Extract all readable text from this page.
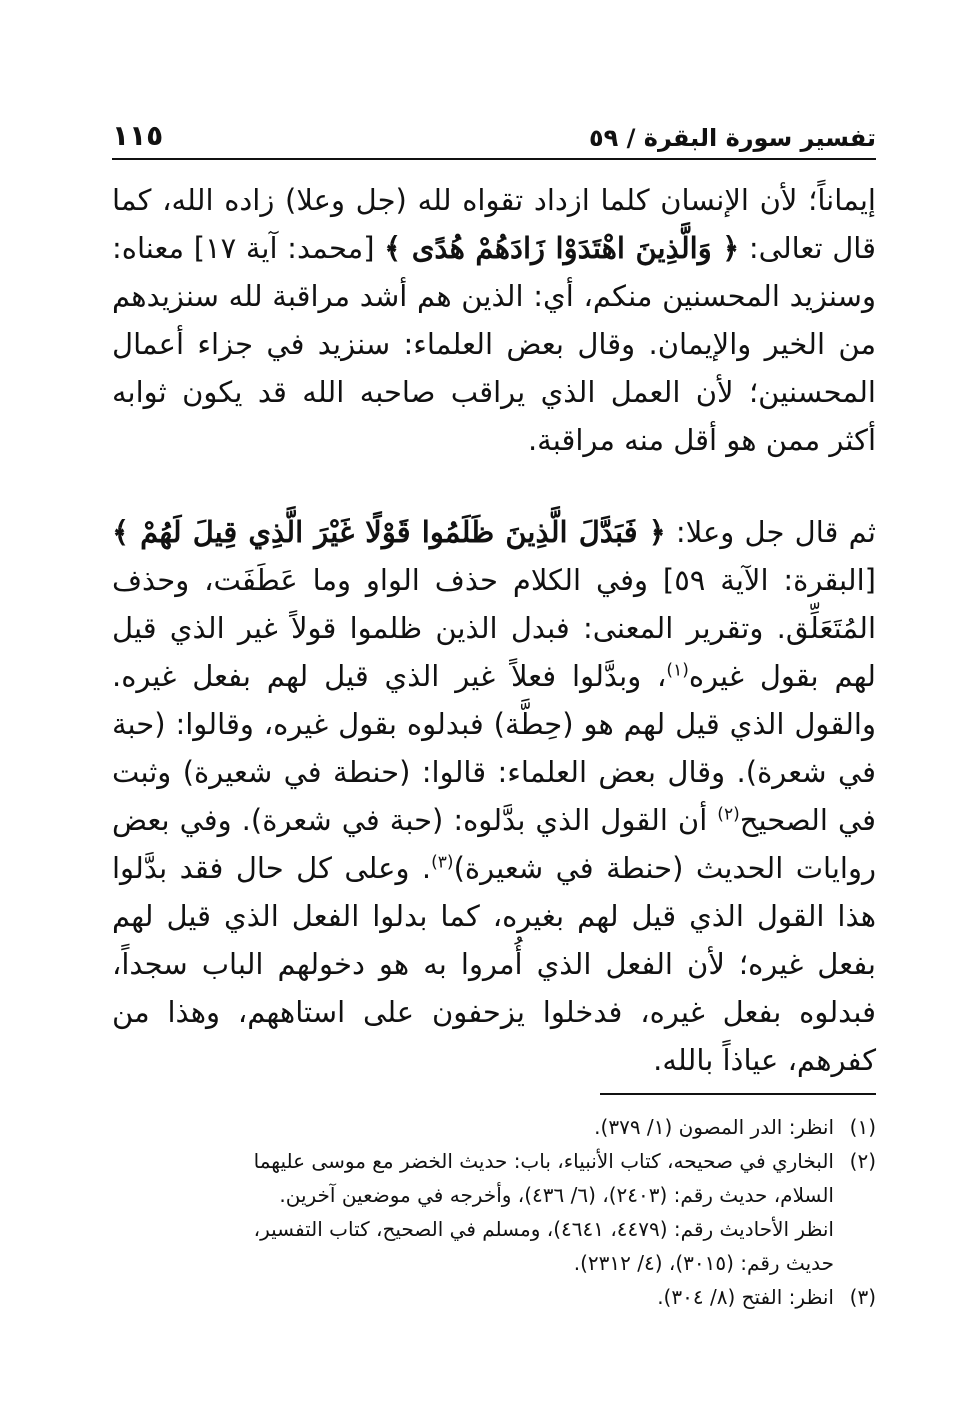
تفسير سورة البقرة / ٥٩
١١٥

إيماناً؛ لأن الإنسان كلما ازداد تقواه لله (جل وعلا) زاده الله، كما قال تعالى: ﴿ وَالَّذِينَ اهْتَدَوْا زَادَهُمْ هُدًى ﴾ [محمد: آية ١٧] معناه: وسنزيد المحسنين منكم، أي: الذين هم أشد مراقبة لله سنزيدهم من الخير والإيمان. وقال بعض العلماء: سنزيد في جزاء أعمال المحسنين؛ لأن العمل الذي يراقب صاحبه الله قد يكون ثوابه أكثر ممن هو أقل منه مراقبة.

ثم قال جل وعلا: ﴿ فَبَدَّلَ الَّذِينَ ظَلَمُوا قَوْلًا غَيْرَ الَّذِي قِيلَ لَهُمْ ﴾ [البقرة: الآية ٥٩] وفي الكلام حذف الواو وما عَطَفَت، وحذف المُتَعَلِّق. وتقرير المعنى: فبدل الذين ظلموا قولاً غير الذي قيل لهم بقول غيره$^{(١)}$، وبدَّلوا فعلاً غير الذي قيل لهم بفعل غيره. والقول الذي قيل لهم هو (حِطَّة) فبدلوه بقول غيره، وقالوا: (حبة في شعرة). وقال بعض العلماء: قالوا: (حنطة في شعيرة) وثبت في الصحيح$^{(٢)}$ أن القول الذي بدَّلوه: (حبة في شعرة). وفي بعض روايات الحديث (حنطة في شعيرة)$^{(٣)}$. وعلى كل حال فقد بدَّلوا هذا القول الذي قيل لهم بغيره، كما بدلوا الفعل الذي قيل لهم بفعل غيره؛ لأن الفعل الذي أُمروا به هو دخولهم الباب سجداً، فبدلوه بفعل غيره، فدخلوا يزحفون على استاههم، وهذا من كفرهم، عياذاً بالله.

(١)
انظر: الدر المصون (١/ ٣٧٩).
(٢)
البخاري في صحيحه، كتاب الأنبياء، باب: حديث الخضر مع موسى عليهما
السلام، حديث رقم: (٢٤٠٣)، (٦/ ٤٣٦)، وأخرجه في موضعين آخرين.
انظر الأحاديث رقم: (٤٤٧٩، ٤٦٤١)، ومسلم في الصحيح، كتاب التفسير،
حديث رقم: (٣٠١٥)، (٤/ ٢٣١٢).
(٣)
انظر: الفتح (٨/ ٣٠٤).
